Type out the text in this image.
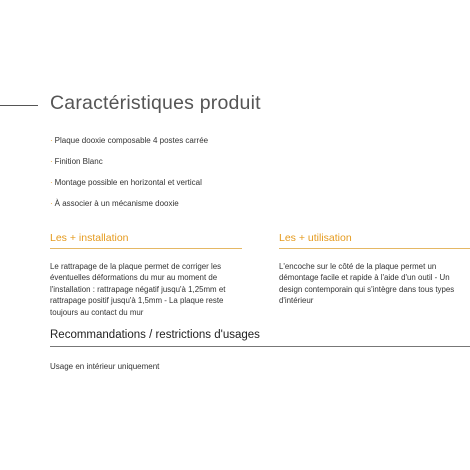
Caractéristiques produit
· Plaque dooxie composable 4 postes carrée
· Finition Blanc
· Montage possible en horizontal et vertical
· À associer à un mécanisme dooxie
Les + installation
Le rattrapage de la plaque permet de corriger les éventuelles déformations du mur au moment de l'installation : rattrapage négatif jusqu'à 1,25mm et rattrapage positif jusqu'à 1,5mm - La plaque reste toujours au contact du mur
Les + utilisation
L'encoche sur le côté de la plaque permet un démontage facile et rapide à l'aide d'un outil - Un design contemporain qui s'intègre dans tous types d'intérieur
Recommandations / restrictions d'usages
Usage en intérieur uniquement
